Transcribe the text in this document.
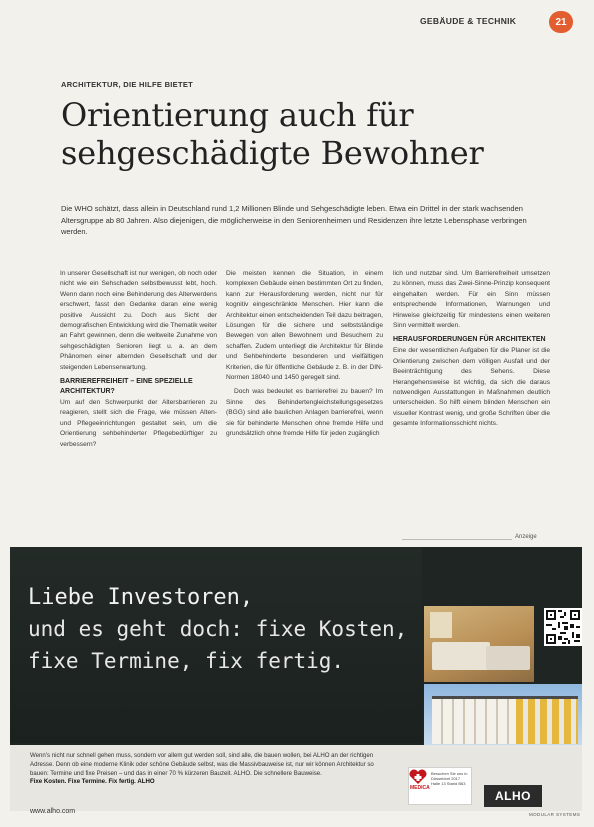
GEBÄUDE & TECHNIK	21
ARCHITEKTUR, DIE HILFE BIETET
Orientierung auch für
sehgeschädigte Bewohner
Die WHO schätzt, dass allein in Deutschland rund 1,2 Millionen Blinde und Sehgeschädigte leben. Etwa ein Drittel in der stark wachsenden Altersgruppe ab 80 Jahren. Also diejenigen, die möglicherweise in den Seniorenheimen und Residenzen ihre letzte Lebensphase verbringen werden.

In unserer Gesellschaft ist nur wenigen, ob noch oder nicht wie ein Sehschaden selbstbewusst lebt, hoch. Wenn dann noch eine Behinderung des Alterwerdens erschwert, fasst den Gedanke daran eine wenig positive Aussicht zu. Doch aus Sicht der demografischen Entwicklung wird die Thematik weiter an Fahrt gewinnen, denn die weltweite Zunahme von sehgeschädigten Senioren liegt u. a. an dem Phänomen einer alternden Gesellschaft und der steigenden Lebenserwartung.

BARRIEREFREIHEIT – EINE SPEZIELLE ARCHITEKTUR?

Um auf den Schwerpunkt der Altersbarrieren zu reagieren, stellt sich die Frage, wie müssen Alten- und Pflegeeinrichtungen gestaltet sein, um die Orientierung sehbehinderter Pflegebedürftiger zu verbessern?

Die meisten kennen die Situation, in einem komplexen Gebäude einen bestimmten Ort zu finden, kann zur Herausforderung werden, nicht nur für kognitiv eingeschränkte Menschen. Hier kann die Architektur einen entscheidenden Teil dazu beitragen, Lösungen für die sichere und selbstständige Bewegen von allen Bewohnern und Besuchern zu schaffen. Zudem unterliegt die Architektur für Blinde und Sehbehinderte besonderen und vielfältigen Kriterien, die für öffentliche Gebäude z. B. in der DIN-Normen 18040 und 1450 geregelt sind.

Doch was bedeutet es barrierefrei zu bauen? Im Sinne des Behindertengleichstellungsgesetzes (BGG) sind alle baulichen Anlagen barrierefrei, wenn sie für behinderte Menschen ohne fremde Hilfe und grundsätzlich ohne fremde Hilfe für jeden zugänglich

lich und nutzbar sind. Um Barrierefreiheit umsetzen zu können, muss das Zwei-Sinne-Prinzip konsequent eingehalten werden. Für ein Sinn müssen entsprechende Informationen, Warnungen und Hinweise gleichzeitig für mindestens einen weiteren Sinn vermittelt werden.

HERAUSFORDERUNGEN FÜR ARCHITEKTEN

Eine der wesentlichen Aufgaben für die Planer ist die Orientierung zwischen dem völligen Ausfall und der Beeinträchtigung des Sehens. Diese Herangehensweise ist wichtig, da sich die daraus notwendigen Ausstattungen in Maßnahmen deutlich unterscheiden. So hilft einem blinden Menschen ein visueller Kontrast wenig, und große Schriften über die gesamte Informationsschicht nichts.

Anzeige
Liebe Investoren,
und es geht doch: fixe Kosten,
fixe Termine, fix fertig.
Wenn's nicht nur schnell gehen muss, sondern vor allem gut werden soll, sind alle, die bauen wollen, bei ALHO an der richtigen Adresse. Denn ob eine moderne Klinik oder schöne Gebäude selbst, was die Massivbauweise ist, nur wir können Architektur so bauen: Termine und fixe Preisen – und das in einer 70 % kürzeren Bauzeit. ALHO. Die schnellere Bauweise.
Fixe Kosten. Fixe Termine. Fix fertig. ALHO
www.alho.com
MEDICA
Besuchen Sie uns in Düsseldorf 2017 Halle 13 Stand B63
ALHO
MODULAR SYSTEMS
